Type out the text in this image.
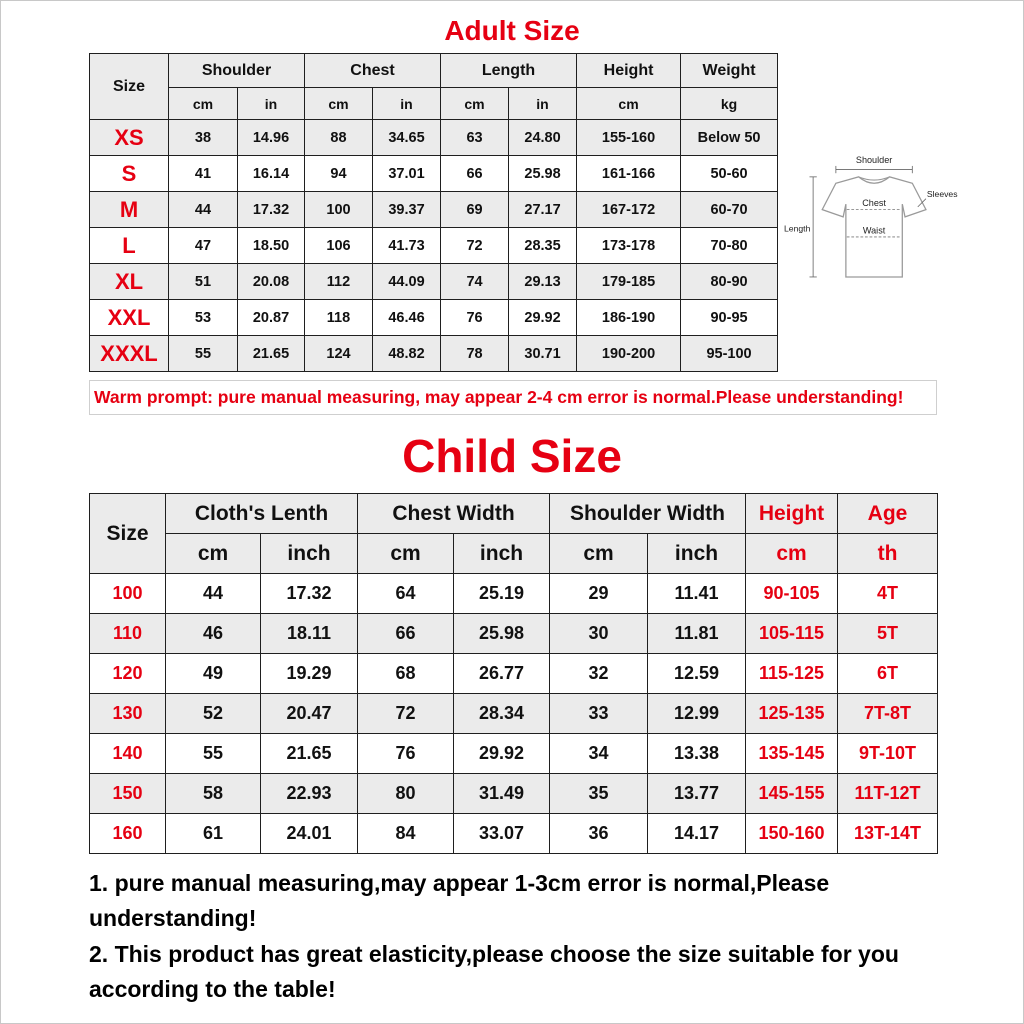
Adult Size
Size	Shoulder		Chest		Length		Height	Weight
	cm	in	cm	in	cm	in	cm	kg
XS	38	14.96	88	34.65	63	24.80	155-160	Below 50
S	41	16.14	94	37.01	66	25.98	161-166	50-60
M	44	17.32	100	39.37	69	27.17	167-172	60-70
L	47	18.50	106	41.73	72	28.35	173-178	70-80
XL	51	20.08	112	44.09	74	29.13	179-185	80-90
XXL	53	20.87	118	46.46	76	29.92	186-190	90-95
XXXL	55	21.65	124	48.82	78	30.71	190-200	95-100
Shoulder
Length
Sleeves
Chest
Waist
Warm prompt: pure manual measuring, may appear 2-4 cm error is normal.Please understanding!
Child Size
Size	Cloth's Lenth		Chest Width		Shoulder Width		Height	Age
	cm	inch	cm	inch	cm	inch	cm	th
100	44	17.32	64	25.19	29	11.41	90-105	4T
110	46	18.11	66	25.98	30	11.81	105-115	5T
120	49	19.29	68	26.77	32	12.59	115-125	6T
130	52	20.47	72	28.34	33	12.99	125-135	7T-8T
140	55	21.65	76	29.92	34	13.38	135-145	9T-10T
150	58	22.93	80	31.49	35	13.77	145-155	11T-12T
160	61	24.01	84	33.07	36	14.17	150-160	13T-14T

1. pure manual measuring,may appear 1-3cm error is normal,Please understanding!

2. This product has great elasticity,please choose the size suitable for you according to the table!
